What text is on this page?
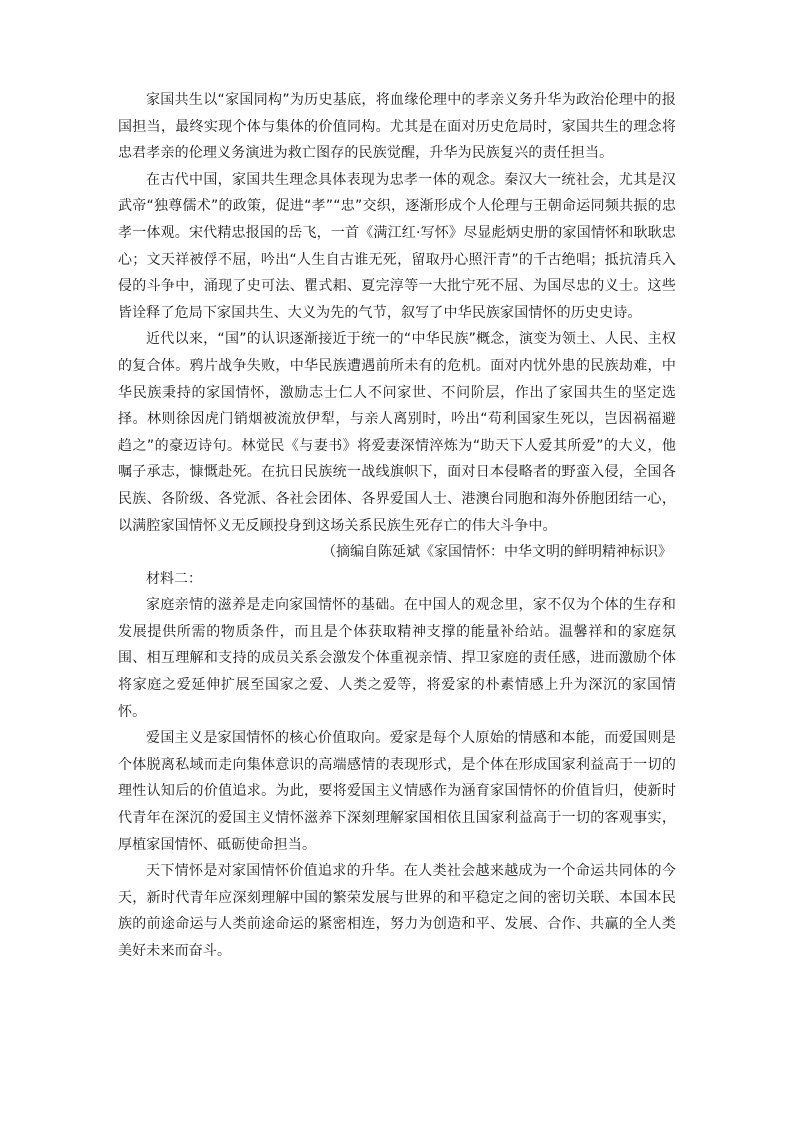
家国共生以“家国同构”为历史基底，将血缘伦理中的孝亲义务升华为政治伦理中的报国担当，最终实现个体与集体的价值同构。尤其是在面对历史危局时，家国共生的理念将忠君孝亲的伦理义务演进为救亡图存的民族觉醒，升华为民族复兴的责任担当。

在古代中国，家国共生理念具体表现为忠孝一体的观念。秦汉大一统社会，尤其是汉武帝“独尊儒术”的政策，促进“孝”“忠”交织，逐渐形成个人伦理与王朝命运同频共振的忠孝一体观。宋代精忠报国的岳飞，一首《满江红·写怀》尽显彪炳史册的家国情怀和耿耿忠心；文天祥被俘不屈，吟出“人生自古谁无死，留取丹心照汗青”的千古绝唱；抵抗清兵入侵的斗争中，涌现了史可法、瞿式耜、夏完淳等一大批宁死不屈、为国尽忠的义士。这些皆诠释了危局下家国共生、大义为先的气节，叙写了中华民族家国情怀的历史史诗。

近代以来，“国”的认识逐渐接近于统一的“中华民族”概念，演变为领土、人民、主权的复合体。鸦片战争失败，中华民族遭遇前所未有的危机。面对内忧外患的民族劫难，中华民族秉持的家国情怀，激励志士仁人不问家世、不问阶层，作出了家国共生的坚定选择。林则徐因虎门销烟被流放伊犁，与亲人离别时，吟出“苟利国家生死以，岂因祸福避趋之”的豪迈诗句。林觉民《与妻书》将爱妻深情淬炼为“助天下人爱其所爱”的大义，他嘱子承志，慷慨赴死。在抗日民族统一战线旗帜下，面对日本侵略者的野蛮入侵，全国各民族、各阶级、各党派、各社会团体、各界爱国人士、港澳台同胞和海外侨胞团结一心，以满腔家国情怀义无反顾投身到这场关系民族生死存亡的伟大斗争中。

（摘编自陈延斌《家国情怀：中华文明的鲜明精神标识》

材料二：

家庭亲情的滋养是走向家国情怀的基础。在中国人的观念里，家不仅为个体的生存和发展提供所需的物质条件，而且是个体获取精神支撑的能量补给站。温馨祥和的家庭氛围、相互理解和支持的成员关系会激发个体重视亲情、捍卫家庭的责任感，进而激励个体将家庭之爱延伸扩展至国家之爱、人类之爱等，将爱家的朴素情感上升为深沉的家国情怀。

爱国主义是家国情怀的核心价值取向。爱家是每个人原始的情感和本能，而爱国则是个体脱离私域而走向集体意识的高端感情的表现形式，是个体在形成国家利益高于一切的理性认知后的价值追求。为此，要将爱国主义情感作为涵育家国情怀的价值旨归，使新时代青年在深沉的爱国主义情怀滋养下深刻理解家国相依且国家利益高于一切的客观事实，厚植家国情怀、砥砺使命担当。

天下情怀是对家国情怀价值追求的升华。在人类社会越来越成为一个命运共同体的今天，新时代青年应深刻理解中国的繁荣发展与世界的和平稳定之间的密切关联、本国本民族的前途命运与人类前途命运的紧密相连，努力为创造和平、发展、合作、共赢的全人类美好未来而奋斗。
